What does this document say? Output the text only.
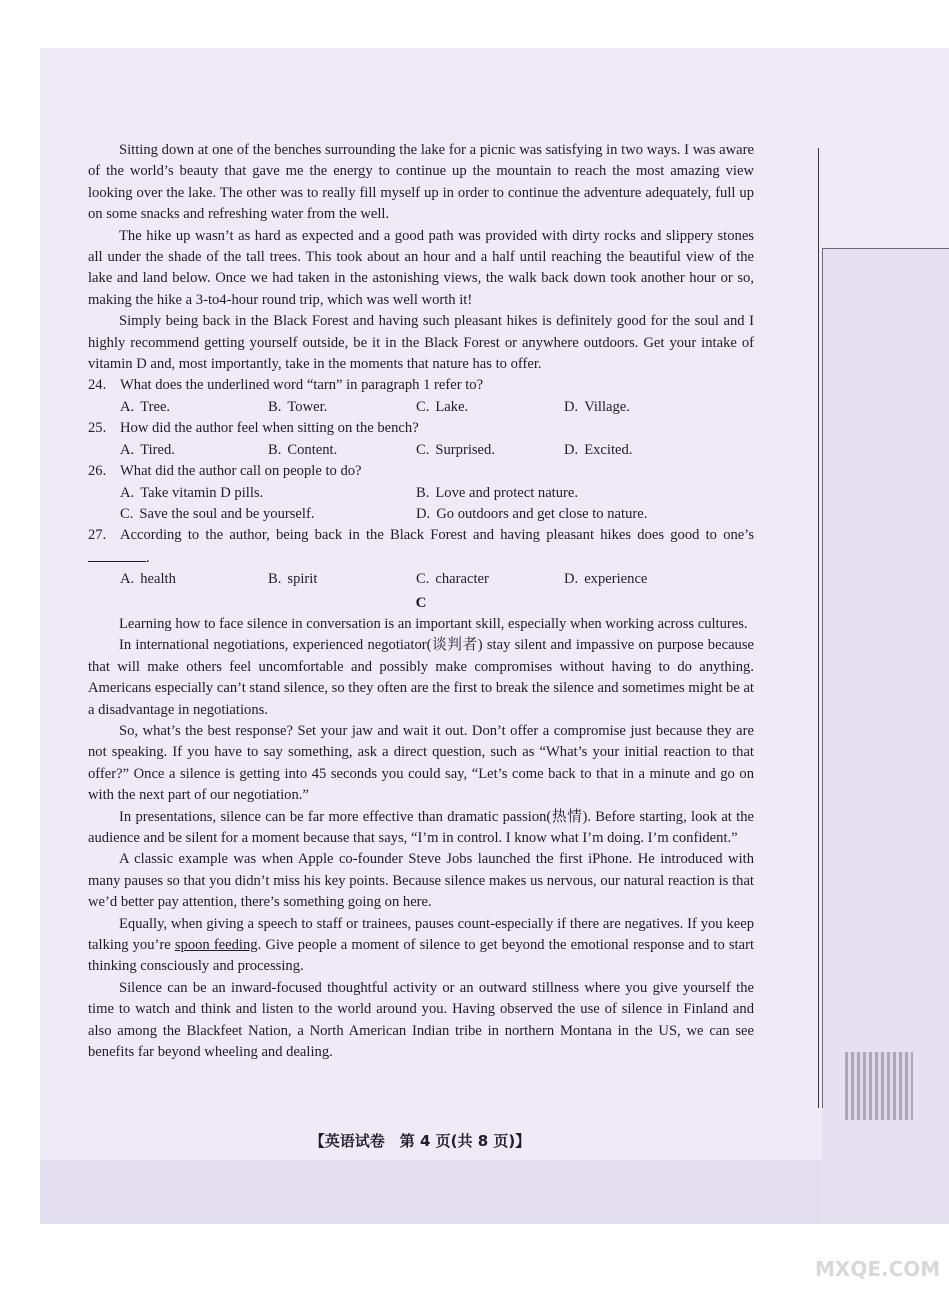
MXQE.COM

Sitting down at one of the benches surrounding the lake for a picnic was satisfying in two ways. I was aware of the world’s beauty that gave me the energy to continue up the mountain to reach the most amazing view looking over the lake. The other was to really fill myself up in order to continue the adventure adequately, full up on some snacks and refreshing water from the well.

The hike up wasn’t as hard as expected and a good path was provided with dirty rocks and slippery stones all under the shade of the tall trees. This took about an hour and a half until reaching the beautiful view of the lake and land below. Once we had taken in the astonishing views, the walk back down took another hour or so, making the hike a 3-to4-hour round trip, which was well worth it!

Simply being back in the Black Forest and having such pleasant hikes is definitely good for the soul and I highly recommend getting yourself outside, be it in the Black Forest or anywhere outdoors. Get your intake of vitamin D and, most importantly, take in the moments that nature has to offer.

24. What does the underlined word “tarn” in paragraph 1 refer to?

A. Tree.	B. Tower.	C. Lake.	D. Village.

25. How did the author feel when sitting on the bench?

A. Tired.	B. Content.	C. Surprised.	D. Excited.

26. What did the author call on people to do?

A. Take vitamin D pills.	B. Love and protect nature.
C. Save the soul and be yourself.	D. Go outdoors and get close to nature.

27. According to the author, being back in the Black Forest and having pleasant hikes does good to one’s.

A. health	B. spirit	C. character	D. experience

C

Learning how to face silence in conversation is an important skill, especially when working across cultures.

In international negotiations, experienced negotiator(谈判者) stay silent and impassive on purpose because that will make others feel uncomfortable and possibly make compromises without having to do anything. Americans especially can’t stand silence, so they often are the first to break the silence and sometimes might be at a disadvantage in negotiations.

So, what’s the best response? Set your jaw and wait it out. Don’t offer a compromise just because they are not speaking. If you have to say something, ask a direct question, such as “What’s your initial reaction to that offer?” Once a silence is getting into 45 seconds you could say, “Let’s come back to that in a minute and go on with the next part of our negotiation.”

In presentations, silence can be far more effective than dramatic passion(热情). Before starting, look at the audience and be silent for a moment because that says, “I’m in control. I know what I’m doing. I’m confident.”

A classic example was when Apple co-founder Steve Jobs launched the first iPhone. He introduced with many pauses so that you didn’t miss his key points. Because silence makes us nervous, our natural reaction is that we’d better pay attention, there’s something going on here.

Equally, when giving a speech to staff or trainees, pauses count-especially if there are negatives. If you keep talking you’re spoon feeding. Give people a moment of silence to get beyond the emotional response and to start thinking consciously and processing.

Silence can be an inward-focused thoughtful activity or an outward stillness where you give yourself the time to watch and think and listen to the world around you. Having observed the use of silence in Finland and also among the Blackfeet Nation, a North American Indian tribe in northern Montana in the US, we can see benefits far beyond wheeling and dealing.

【英语试卷　第 4 页(共 8 页)】
